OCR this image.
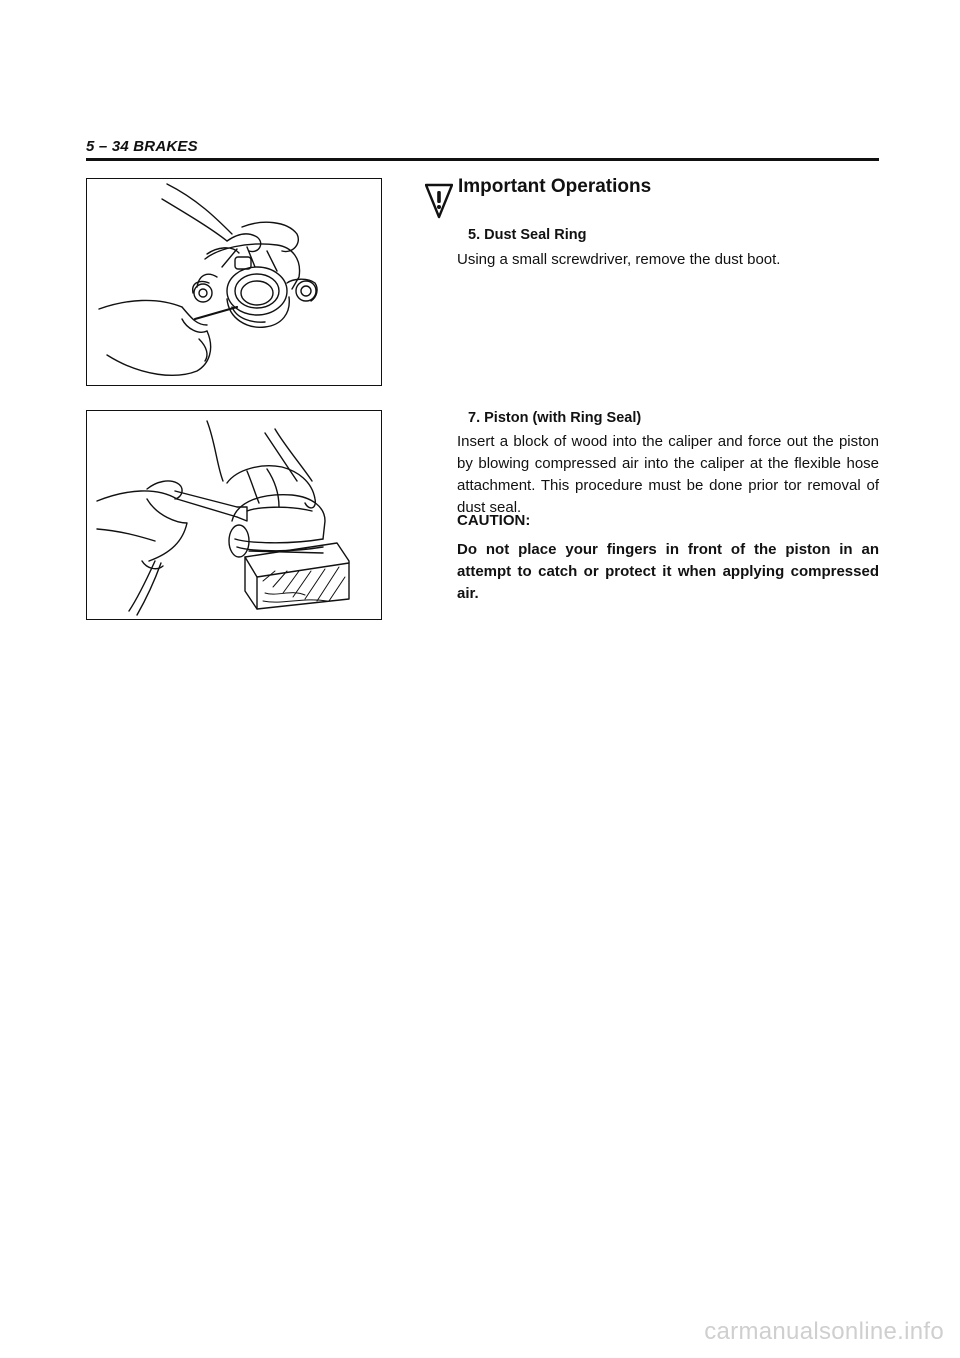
5 – 34 BRAKES
Important Operations
5. Dust Seal Ring

Using a small screwdriver, remove the dust boot.

7. Piston (with Ring Seal)

Insert a block of wood into the caliper and force out the piston by blowing compressed air into the caliper at the flexible hose attachment. This procedure must be done prior tor removal of dust seal.

CAUTION:

Do not place your fingers in front of the piston in an attempt to catch or protect it when applying compressed air.

carmanualsonline.info
